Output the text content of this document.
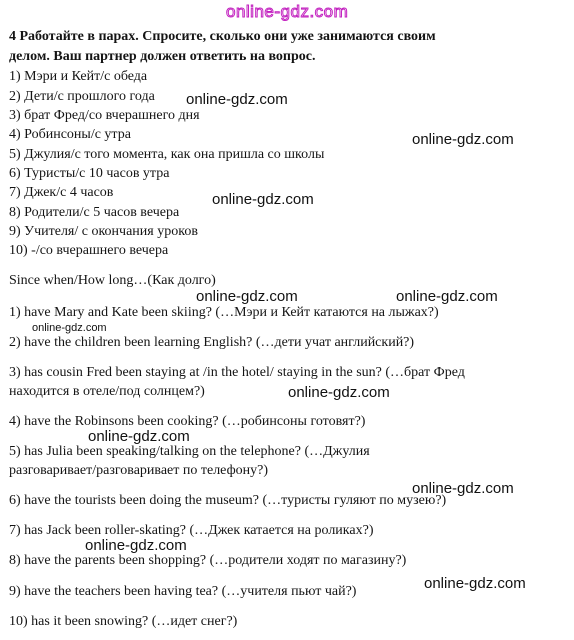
online-gdz.com
4 Работайте в парах. Спросите, сколько они уже занимаются своим
делом. Ваш партнер должен ответить на вопрос.
1) Мэри и Кейт/с обеда
2) Дети/с прошлого года
3) брат Фред/со вчерашнего дня
4) Робинсоны/с утра
5) Джулия/с того момента, как она пришла со школы
6) Туристы/с 10 часов утра
7) Джек/с 4 часов
8) Родители/с 5 часов вечера
9) Учителя/ с окончания уроков
10) -/со вчерашнего вечера
Since when/How long…(Как долго)
1) have Mary and Kate been skiing? (…Мэри и Кейт катаются на лыжах?)
2) have the children been learning English? (…дети учат английский?)
3) has cousin Fred been staying at /in the hotel/ staying in the sun? (…брат Фред
находится в отеле/под солнцем?)
4) have the Robinsons been cooking? (…робинсоны готовят?)
5) has Julia been speaking/talking on the telephone? (…Джулия
разговаривает/разговаривает по телефону?)
6) have the tourists been doing the museum? (…туристы гуляют по музею?)
7) has Jack been roller-skating? (…Джек катается на роликах?)
8) have the parents been shopping? (…родители ходят по магазину?)
9) have the teachers been having tea? (…учителя пьют чай?)
10) has it been snowing? (…идет снег?)
online-gdz.com
online-gdz.com
online-gdz.com
online-gdz.com	online-gdz.com
online-gdz.com
online-gdz.com
online-gdz.com
online-gdz.com
online-gdz.com
online-gdz.com
